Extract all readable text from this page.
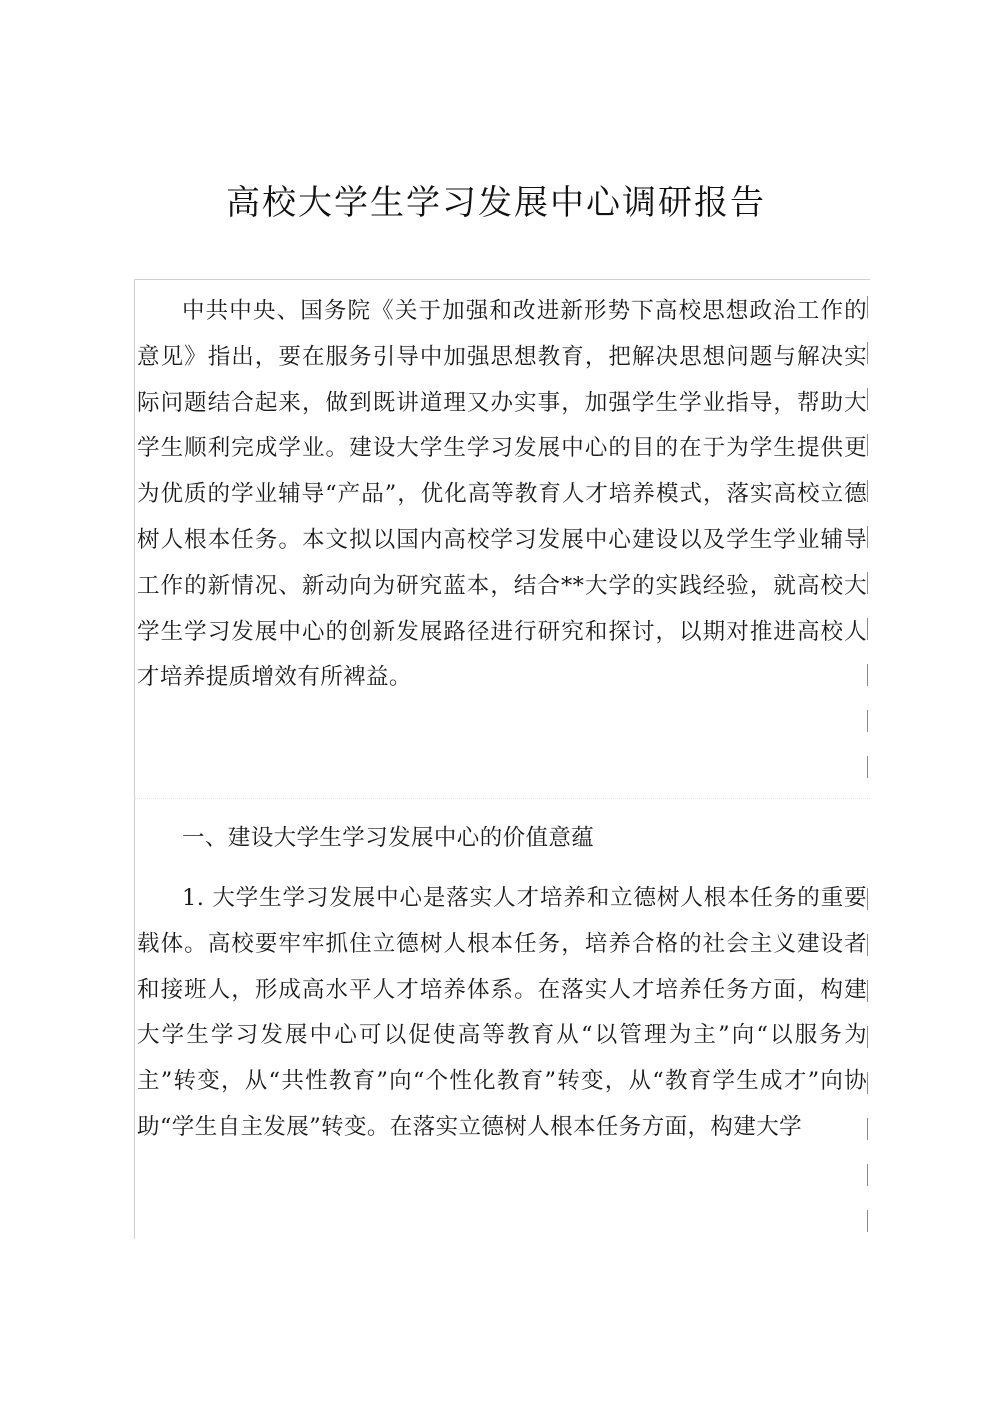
高校大学生学习发展中心调研报告

中共中央、国务院《关于加强和改进新形势下高校思想政治工作的意见》指出，要在服务引导中加强思想教育，把解决思想问题与解决实际问题结合起来，做到既讲道理又办实事，加强学生学业指导，帮助大学生顺利完成学业。建设大学生学习发展中心的目的在于为学生提供更为优质的学业辅导“产品”，优化高等教育人才培养模式，落实高校立德树人根本任务。本文拟以国内高校学习发展中心建设以及学生学业辅导工作的新情况、新动向为研究蓝本，结合**大学的实践经验，就高校大学生学习发展中心的创新发展路径进行研究和探讨，以期对推进高校人才培养提质增效有所裨益。

一、建设大学生学习发展中心的价值意蕴

1. 大学生学习发展中心是落实人才培养和立德树人根本任务的重要载体。高校要牢牢抓住立德树人根本任务，培养合格的社会主义建设者和接班人，形成高水平人才培养体系。在落实人才培养任务方面，构建大学生学习发展中心可以促使高等教育从“以管理为主”向“以服务为主”转变，从“共性教育”向“个性化教育”转变，从“教育学生成才”向协助“学生自主发展”转变。在落实立德树人根本任务方面，构建大学
